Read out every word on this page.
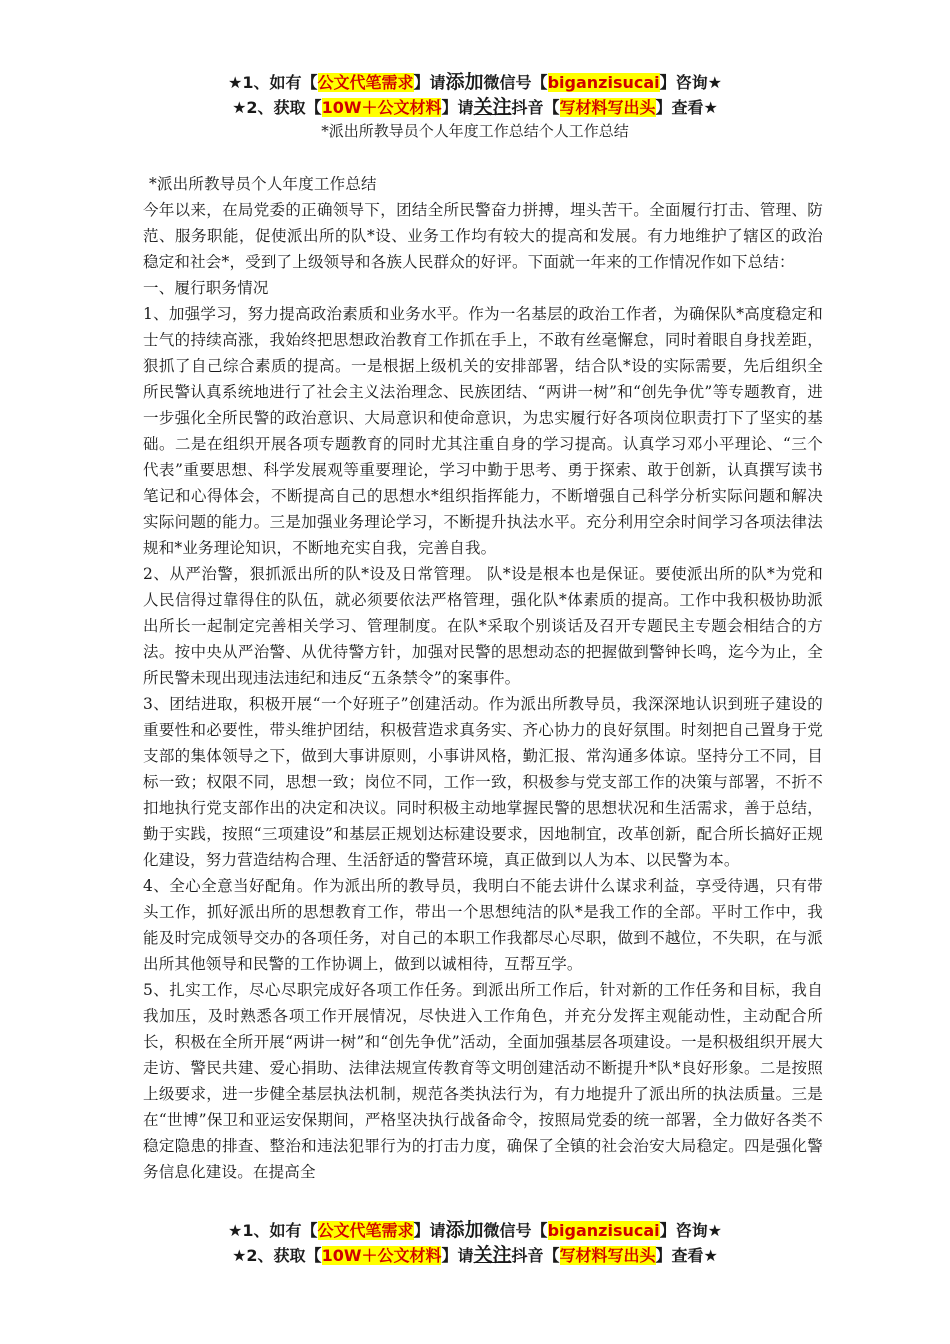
★1、如有【公文代笔需求】请添加微信号【biganzisucai】咨询★
★2、获取【10W＋公文材料】请关注抖音【写材料写出头】查看★
*派出所教导员个人年度工作总结个人工作总结

*派出所教导员个人年度工作总结

今年以来，在局党委的正确领导下，团结全所民警奋力拼搏，埋头苦干。全面履行打击、管理、防范、服务职能，促使派出所的队*设、业务工作均有较大的提高和发展。有力地维护了辖区的政治稳定和社会*，受到了上级领导和各族人民群众的好评。下面就一年来的工作情况作如下总结：

一、履行职务情况

1、加强学习，努力提高政治素质和业务水平。作为一名基层的政治工作者，为确保队*高度稳定和士气的持续高涨，我始终把思想政治教育工作抓在手上，不敢有丝毫懈怠，同时着眼自身找差距，狠抓了自己综合素质的提高。一是根据上级机关的安排部署，结合队*设的实际需要，先后组织全所民警认真系统地进行了社会主义法治理念、民族团结、“两讲一树”和“创先争优”等专题教育，进一步强化全所民警的政治意识、大局意识和使命意识，为忠实履行好各项岗位职责打下了坚实的基础。二是在组织开展各项专题教育的同时尤其注重自身的学习提高。认真学习邓小平理论、“三个代表”重要思想、科学发展观等重要理论，学习中勤于思考、勇于探索、敢于创新，认真撰写读书笔记和心得体会，不断提高自己的思想水*组织指挥能力，不断增强自己科学分析实际问题和解决实际问题的能力。三是加强业务理论学习，不断提升执法水平。充分利用空余时间学习各项法律法规和*业务理论知识，不断地充实自我，完善自我。

2、从严治警，狠抓派出所的队*设及日常管理。 队*设是根本也是保证。要使派出所的队*为党和人民信得过靠得住的队伍，就必须要依法严格管理，强化队*体素质的提高。工作中我积极协助派出所长一起制定完善相关学习、管理制度。在队*采取个别谈话及召开专题民主专题会相结合的方法。按中央从严治警、从优待警方针，加强对民警的思想动态的把握做到警钟长鸣，迄今为止，全所民警未现出现违法违纪和违反“五条禁令”的案事件。

3、团结进取，积极开展“一个好班子”创建活动。作为派出所教导员，我深深地认识到班子建设的重要性和必要性，带头维护团结，积极营造求真务实、齐心协力的良好氛围。时刻把自己置身于党支部的集体领导之下，做到大事讲原则，小事讲风格，勤汇报、常沟通多体谅。坚持分工不同，目标一致；权限不同，思想一致；岗位不同，工作一致，积极参与党支部工作的决策与部署，不折不扣地执行党支部作出的决定和决议。同时积极主动地掌握民警的思想状况和生活需求，善于总结，勤于实践，按照“三项建设”和基层正规划达标建设要求，因地制宜，改革创新，配合所长搞好正规化建设，努力营造结构合理、生活舒适的警营环境，真正做到以人为本、以民警为本。

4、全心全意当好配角。作为派出所的教导员，我明白不能去讲什么谋求利益，享受待遇，只有带头工作，抓好派出所的思想教育工作，带出一个思想纯洁的队*是我工作的全部。平时工作中，我能及时完成领导交办的各项任务，对自己的本职工作我都尽心尽职，做到不越位，不失职，在与派出所其他领导和民警的工作协调上，做到以诚相待，互帮互学。

5、扎实工作，尽心尽职完成好各项工作任务。到派出所工作后，针对新的工作任务和目标，我自我加压，及时熟悉各项工作开展情况，尽快进入工作角色，并充分发挥主观能动性，主动配合所长，积极在全所开展“两讲一树”和“创先争优”活动，全面加强基层各项建设。一是积极组织开展大走访、警民共建、爱心捐助、法律法规宣传教育等文明创建活动不断提升*队*良好形象。二是按照上级要求，进一步健全基层执法机制，规范各类执法行为，有力地提升了派出所的执法质量。三是在“世博”保卫和亚运安保期间，严格坚决执行战备命令，按照局党委的统一部署，全力做好各类不稳定隐患的排查、整治和违法犯罪行为的打击力度，确保了全镇的社会治安大局稳定。四是强化警务信息化建设。在提高全

★1、如有【公文代笔需求】请添加微信号【biganzisucai】咨询★
★2、获取【10W＋公文材料】请关注抖音【写材料写出头】查看★
